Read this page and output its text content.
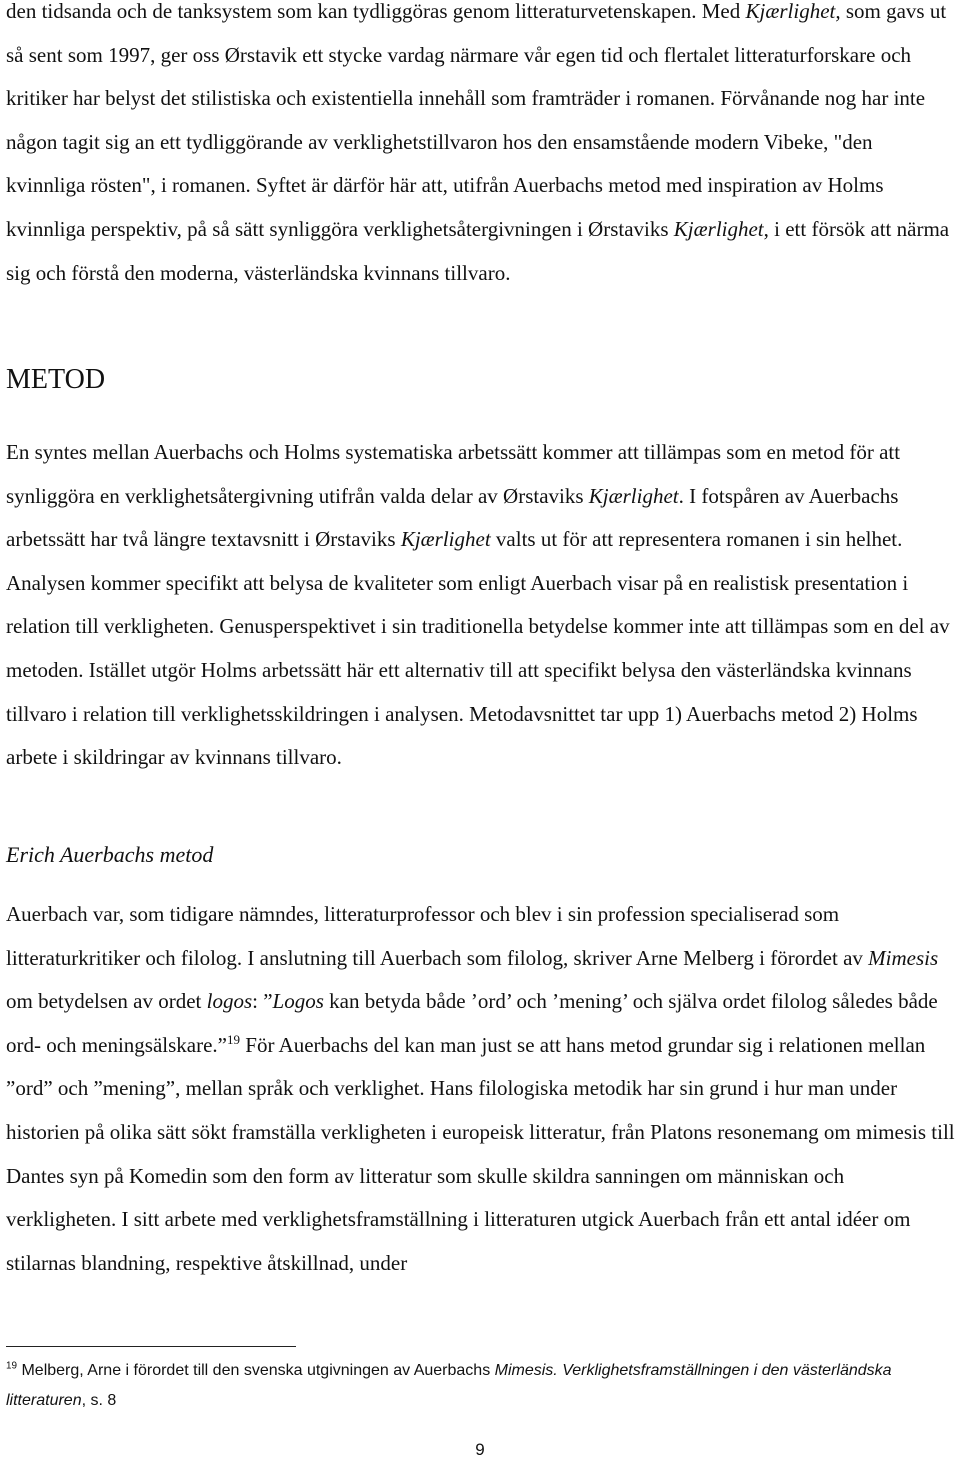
den tidsanda och de tanksystem som kan tydliggöras genom litteraturvetenskapen. Med Kjærlighet, som gavs ut så sent som 1997, ger oss Ørstavik ett stycke vardag närmare vår egen tid och flertalet litteraturforskare och kritiker har belyst det stilistiska och existentiella innehåll som framträder i romanen. Förvånande nog har inte någon tagit sig an ett tydliggörande av verklighetstillvaron hos den ensamstående modern Vibeke, "den kvinnliga rösten", i romanen. Syftet är därför här att, utifrån Auerbachs metod med inspiration av Holms kvinnliga perspektiv, på så sätt synliggöra verklighetsåtergivningen i Ørstaviks Kjærlighet, i ett försök att närma sig och förstå den moderna, västerländska kvinnans tillvaro.

METOD

En syntes mellan Auerbachs och Holms systematiska arbetssätt kommer att tillämpas som en metod för att synliggöra en verklighetsåtergivning utifrån valda delar av Ørstaviks Kjærlighet. I fotspåren av Auerbachs arbetssätt har två längre textavsnitt i Ørstaviks Kjærlighet valts ut för att representera romanen i sin helhet. Analysen kommer specifikt att belysa de kvaliteter som enligt Auerbach visar på en realistisk presentation i relation till verkligheten. Genusperspektivet i sin traditionella betydelse kommer inte att tillämpas som en del av metoden. Istället utgör Holms arbetssätt här ett alternativ till att specifikt belysa den västerländska kvinnans tillvaro i relation till verklighetsskildringen i analysen. Metodavsnittet tar upp 1) Auerbachs metod 2) Holms arbete i skildringar av kvinnans tillvaro.

Erich Auerbachs metod

Auerbach var, som tidigare nämndes, litteraturprofessor och blev i sin profession specialiserad som litteraturkritiker och filolog. I anslutning till Auerbach som filolog, skriver Arne Melberg i förordet av Mimesis om betydelsen av ordet logos: ”Logos kan betyda både ’ord’ och ’mening’ och själva ordet filolog således både ord- och meningsälskare.”$^{19}$ För Auerbachs del kan man just se att hans metod grundar sig i relationen mellan ”ord” och ”mening”, mellan språk och verklighet. Hans filologiska metodik har sin grund i hur man under historien på olika sätt sökt framställa verkligheten i europeisk litteratur, från Platons resonemang om mimesis till Dantes syn på Komedin som den form av litteratur som skulle skildra sanningen om människan och verkligheten. I sitt arbete med verklighetsframställning i litteraturen utgick Auerbach från ett antal idéer om stilarnas blandning, respektive åtskillnad, under

$^{19}$ Melberg, Arne i förordet till den svenska utgivningen av Auerbachs Mimesis. Verklighetsframställningen i den västerländska litteraturen, s. 8

9
